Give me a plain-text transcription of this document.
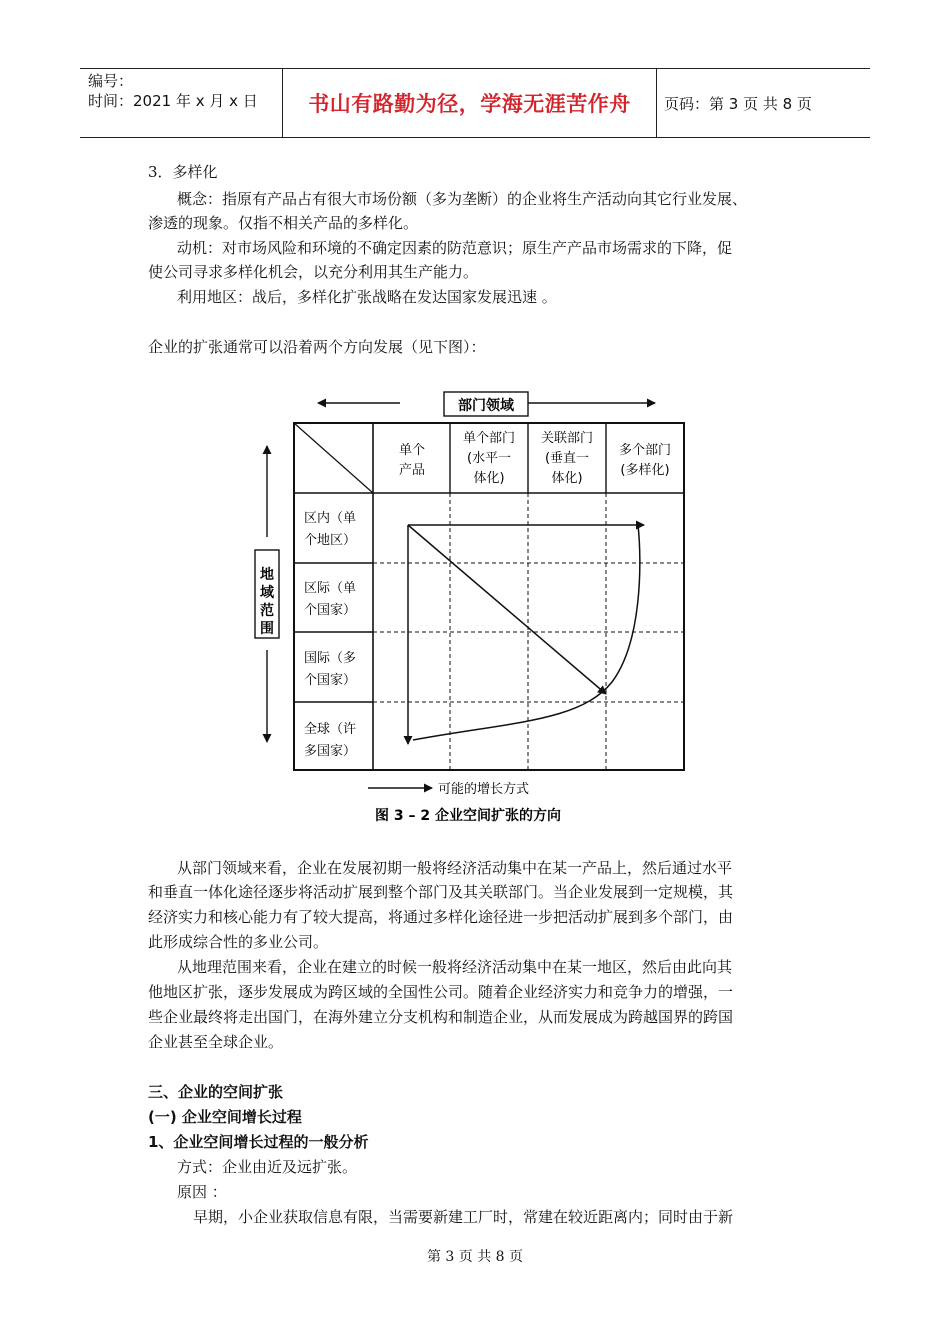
编号：
时间：2021 年 x 月 x 日	书山有路勤为径，学海无涯苦作舟	页码：第 3 页 共 8 页
3．多样化
概念：指原有产品占有很大市场份额（多为垄断）的企业将生产活动向其它行业发展、
渗透的现象。仅指不相关产品的多样化。
动机：对市场风险和环境的不确定因素的防范意识；原生产产品市场需求的下降，促
使公司寻求多样化机会，以充分利用其生产能力。
利用地区：战后，多样化扩张战略在发达国家发展迅速 。
企业的扩张通常可以沿着两个方向发展（见下图）：
部门领域
地
域
范
围
单个
产品
单个部门
(水平一
体化)
关联部门
(垂直一
体化)
多个部门
(多样化)
区内（单
个地区）
区际（单
个国家）
国际（多
个国家）
全球（许
多国家）
可能的增长方式
图 3 – 2 企业空间扩张的方向
从部门领域来看，企业在发展初期一般将经济活动集中在某一产品上，然后通过水平
和垂直一体化途径逐步将活动扩展到整个部门及其关联部门。当企业发展到一定规模，其
经济实力和核心能力有了较大提高，将通过多样化途径进一步把活动扩展到多个部门，由
此形成综合性的多业公司。
从地理范围来看，企业在建立的时候一般将经济活动集中在某一地区，然后由此向其
他地区扩张，逐步发展成为跨区域的全国性公司。随着企业经济实力和竞争力的增强，一
些企业最终将走出国门，在海外建立分支机构和制造企业，从而发展成为跨越国界的跨国
企业甚至全球企业。
三、企业的空间扩张
(一) 企业空间增长过程
1、企业空间增长过程的一般分析
方式：企业由近及远扩张。
原因 ：
早期，小企业获取信息有限，当需要新建工厂时，常建在较近距离内；同时由于新
第 3 页 共 8 页
